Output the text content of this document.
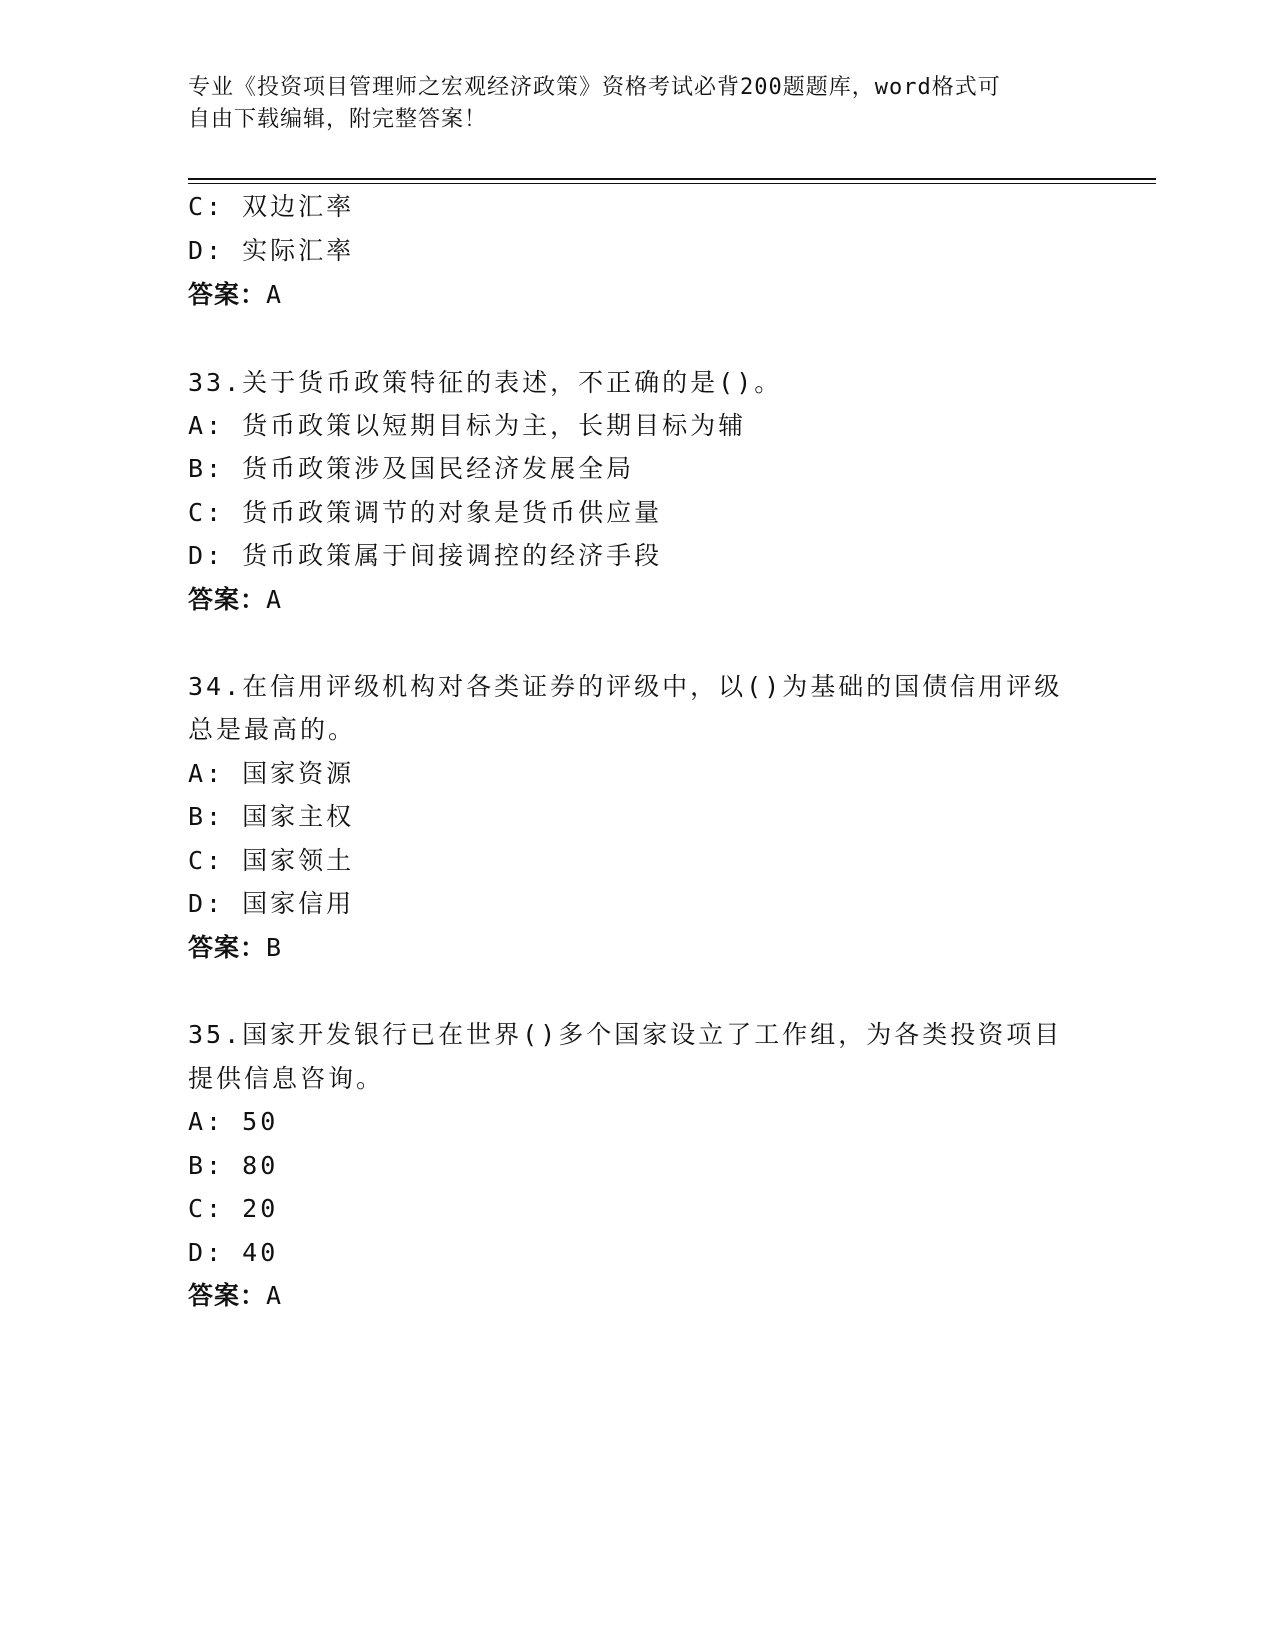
专业《投资项目管理师之宏观经济政策》资格考试必背200题题库，word格式可
自由下载编辑，附完整答案！
C: 双边汇率
D: 实际汇率
答案：A
33.关于货币政策特征的表述，不正确的是()。
A: 货币政策以短期目标为主，长期目标为辅
B: 货币政策涉及国民经济发展全局
C: 货币政策调节的对象是货币供应量
D: 货币政策属于间接调控的经济手段
答案：A
34.在信用评级机构对各类证券的评级中，以()为基础的国债信用评级
总是最高的。
A: 国家资源
B: 国家主权
C: 国家领土
D: 国家信用
答案：B
35.国家开发银行已在世界()多个国家设立了工作组，为各类投资项目
提供信息咨询。
A: 50
B: 80
C: 20
D: 40
答案：A
